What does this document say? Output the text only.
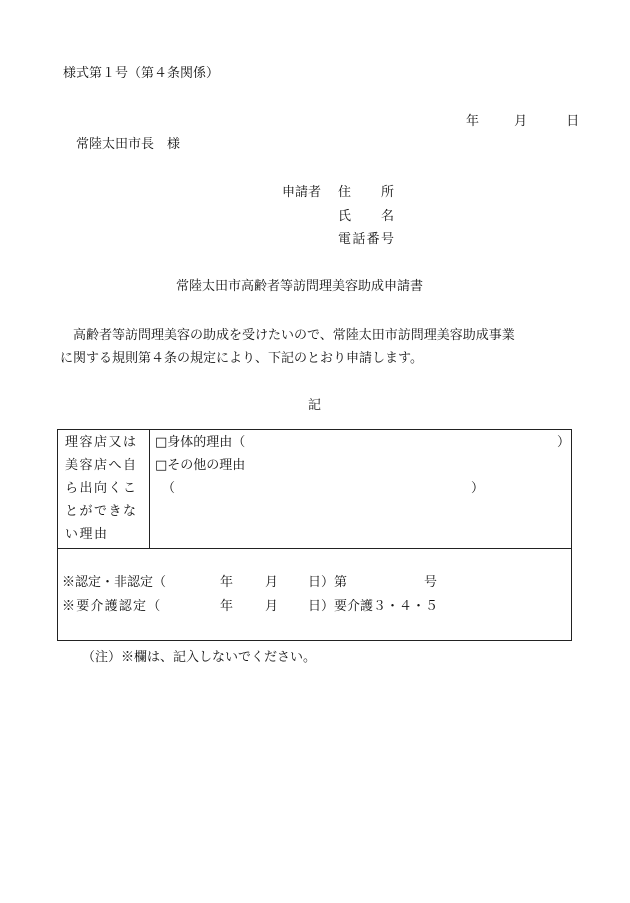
様式第１号（第４条関係）
年	月	日
常陸太田市長　様
申請者 住所
氏名
電話番号
常陸太田市高齢者等訪問理美容助成申請書

高齢者等訪問理美容の助成を受けたいので、常陸太田市訪問理美容助成事業

に関する規則第４条の規定により、下記のとおり申請します。

記
理容店又は
美容店へ自
ら出向くこ
とができな
い理由
□身体的理由（	）
□その他の理由
（	）
※認定・非認定（	年 月 日）第	号
※要介護認定（	年 月 日）要介護３・４・５
（注）※欄は、記入しないでください。
